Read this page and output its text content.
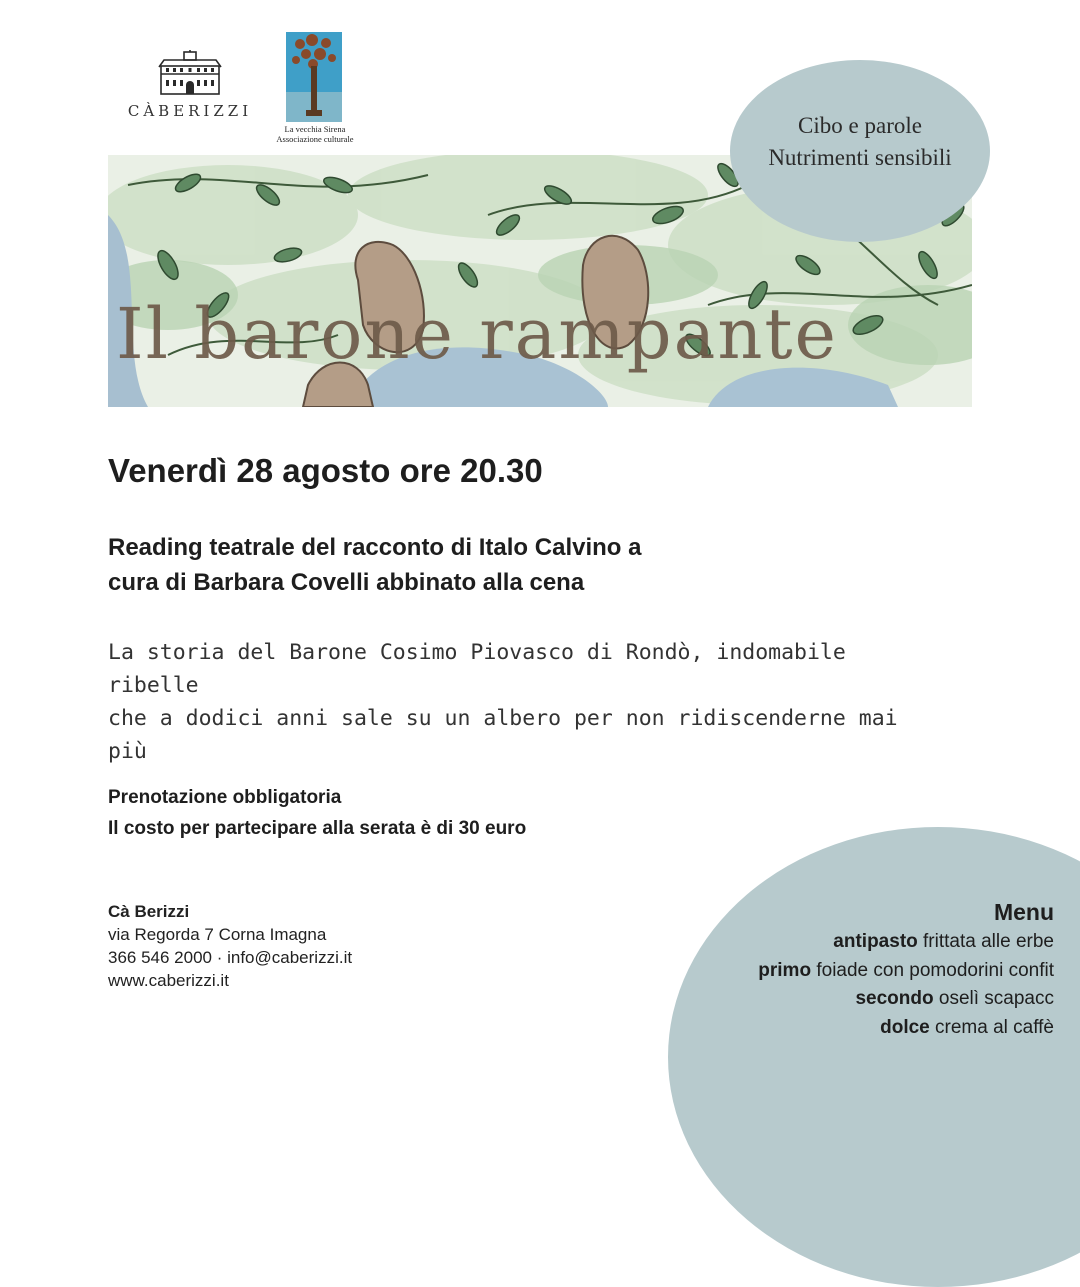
CÀBERIZZI
La vecchia Sirena
Associazione culturale
Cibo e parole
Nutrimenti sensibili
Il barone rampante
Venerdì 28 agosto ore 20.30
Reading teatrale del racconto di Italo Calvino a
cura di Barbara Covelli abbinato alla cena
La storia del Barone Cosimo Piovasco di Rondò, indomabile ribelle
che a dodici anni sale su un albero per non ridiscenderne mai
più
Prenotazione obbligatoria
Il costo per partecipare alla serata è di 30 euro
Cà Berizzi
via Regorda 7 Corna Imagna
366 546 2000 · info@caberizzi.it
www.caberizzi.it
Menu
antipasto frittata alle erbe
primo foiade con pomodorini confit
secondo oselì scapacc
dolce crema al caffè
